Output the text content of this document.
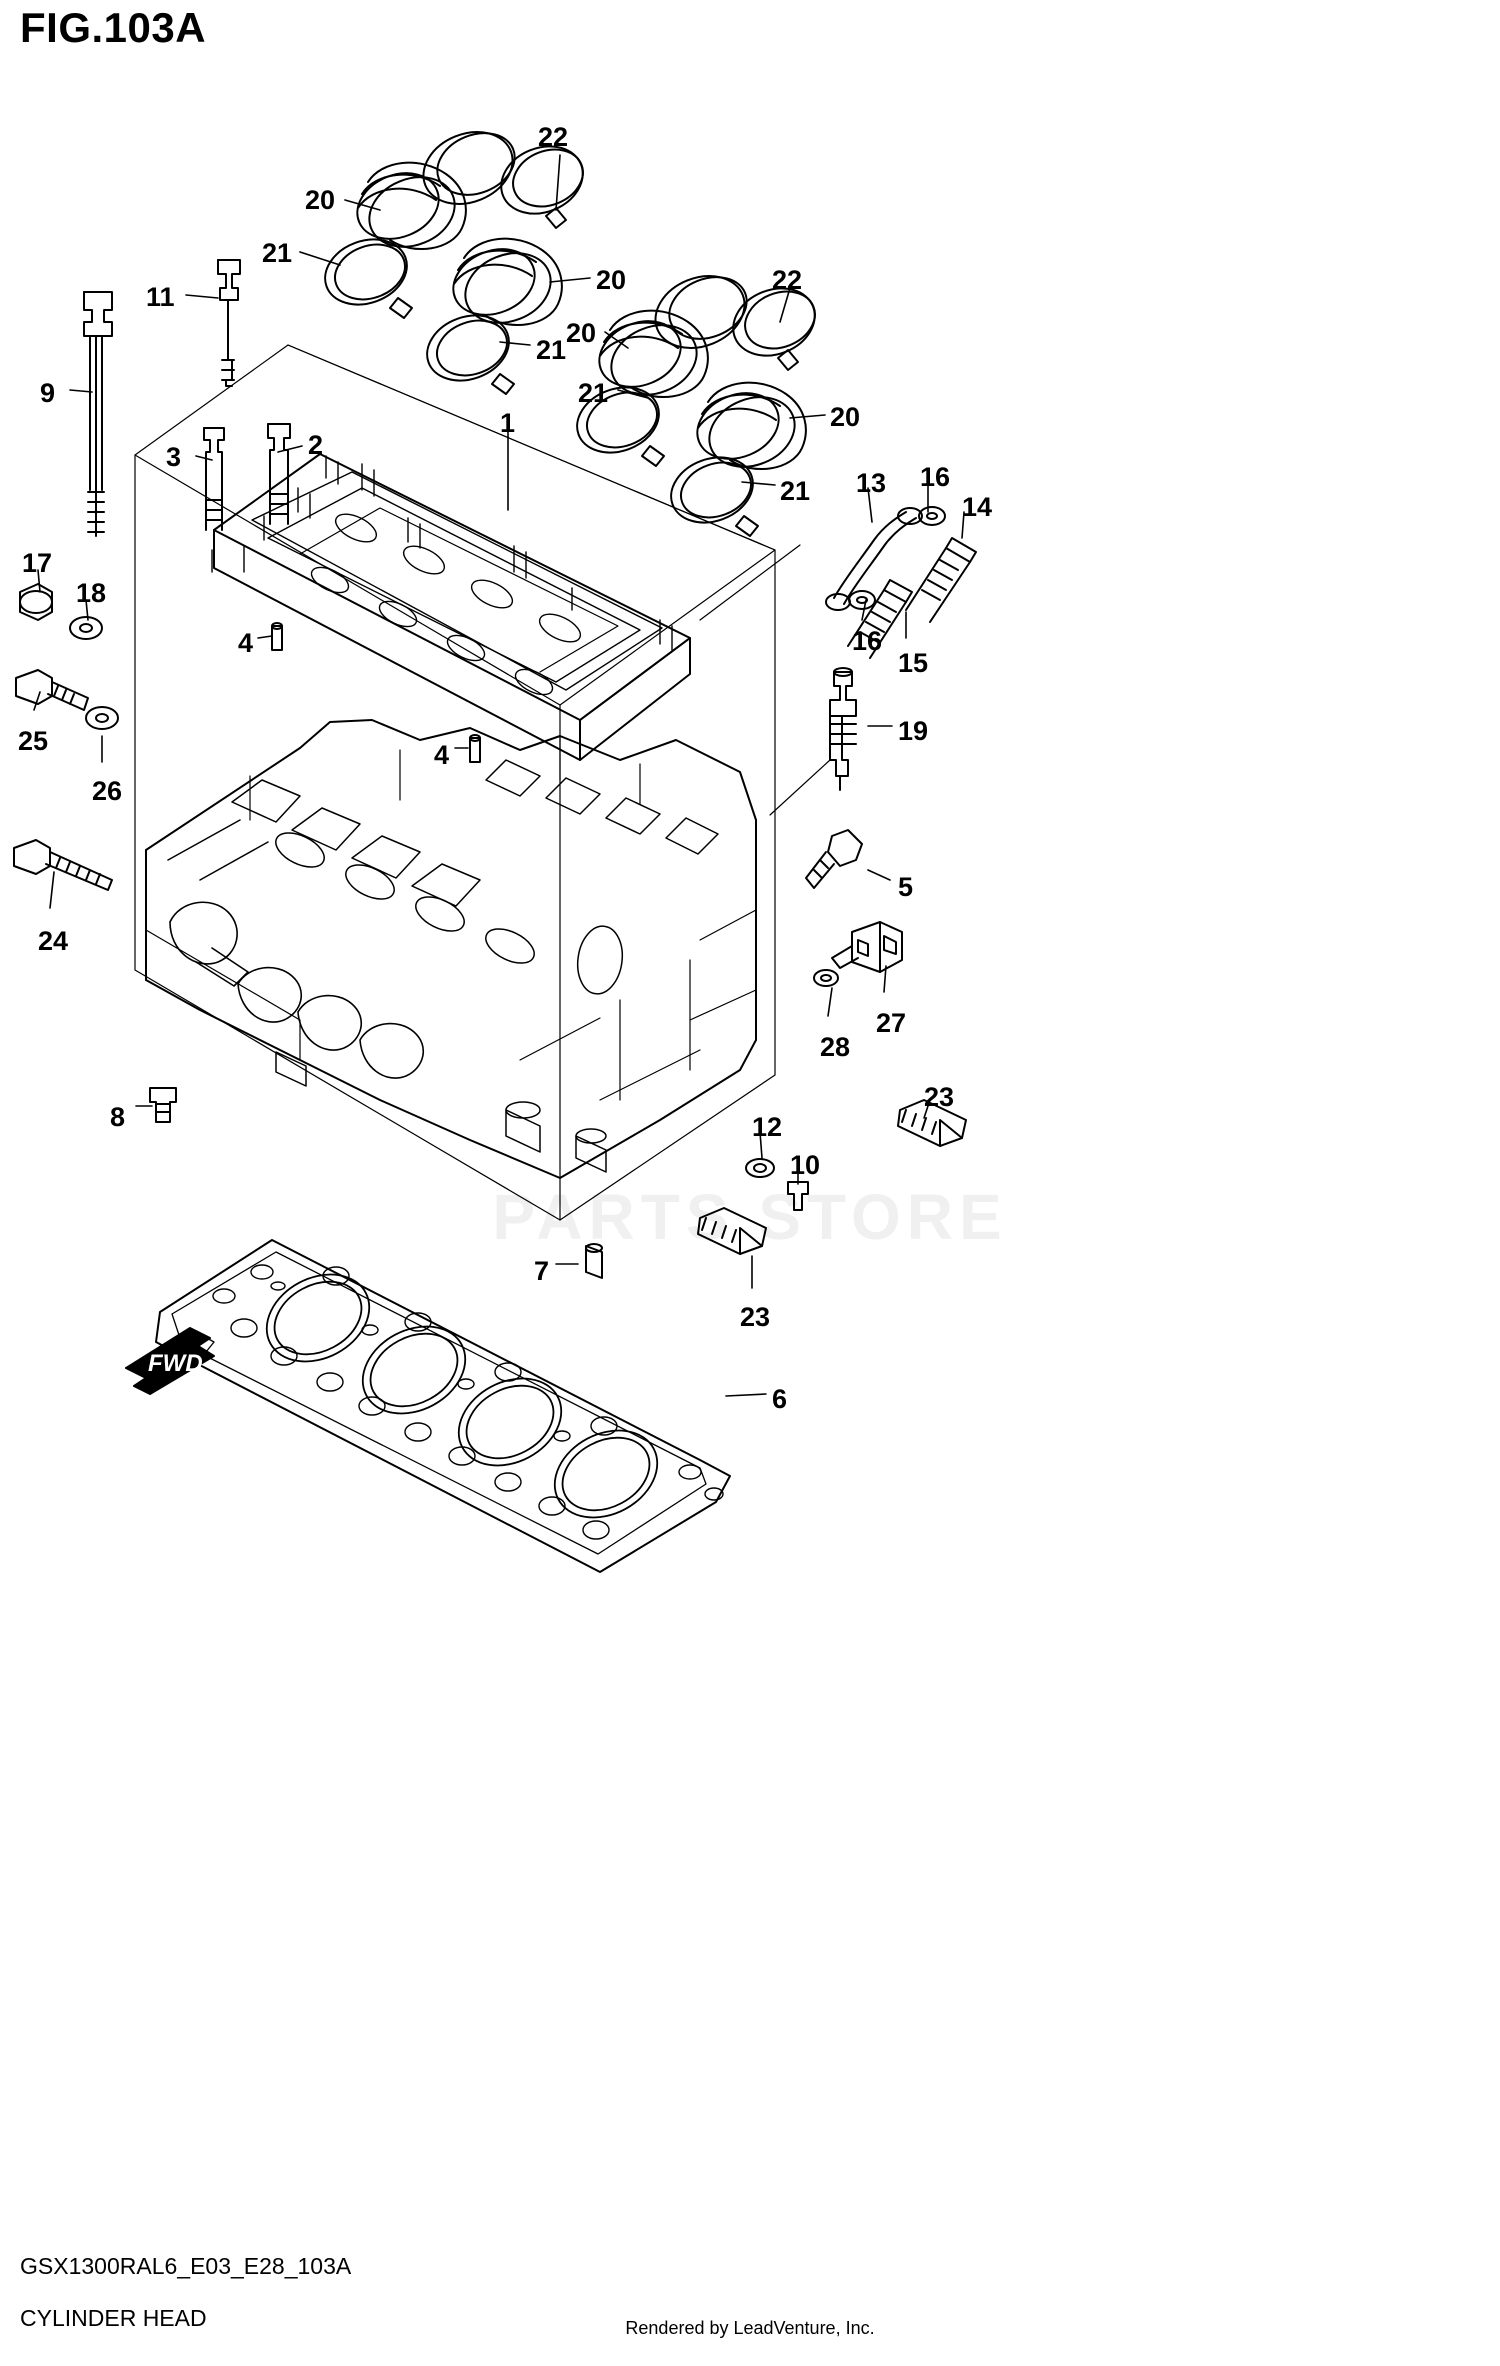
FIG.103A
PARTS STORE
FWD
22
20
21
20
21
22
20
21
20
21
11
9
1
3	2
13 16
14
17
18
4	16
15
25
26
4
19
24
5
27
28
8
23
12
10
7
23
6
GSX1300RAL6_E03_E28_103A
CYLINDER HEAD	Rendered by LeadVenture, Inc.
